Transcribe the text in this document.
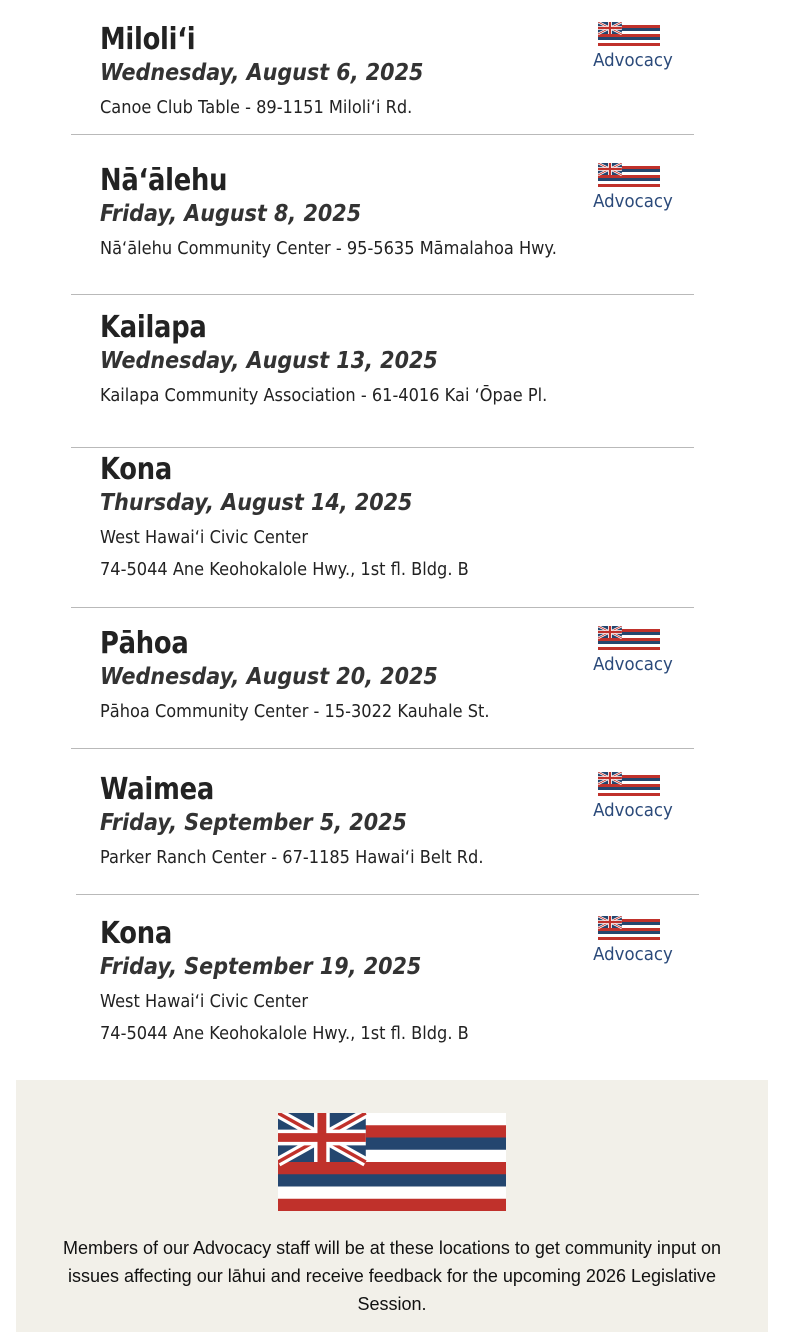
Miloliʻi
Wednesday, August 6, 2025
Canoe Club Table - 89-1151 Miloliʻi Rd.
Advocacy
Nāʻālehu
Friday, August 8, 2025
Nāʻālehu Community Center - 95-5635 Māmalahoa Hwy.
Advocacy
Kailapa
Wednesday, August 13, 2025
Kailapa Community Association - 61-4016 Kai ʻŌpae Pl.
Kona
Thursday, August 14, 2025
West Hawaiʻi Civic Center
74-5044 Ane Keohokalole Hwy., 1st fl. Bldg. B
Pāhoa
Wednesday, August 20, 2025
Pāhoa Community Center - 15-3022 Kauhale St.
Advocacy
Waimea
Friday, September 5, 2025
Parker Ranch Center - 67-1185 Hawaiʻi Belt Rd.
Advocacy
Kona
Friday, September 19, 2025
West Hawaiʻi Civic Center
74-5044 Ane Keohokalole Hwy., 1st fl. Bldg. B
Advocacy
Members of our Advocacy staff will be at these locations to get community input on issues affecting our lāhui and receive feedback for the upcoming 2026 Legislative Session.
